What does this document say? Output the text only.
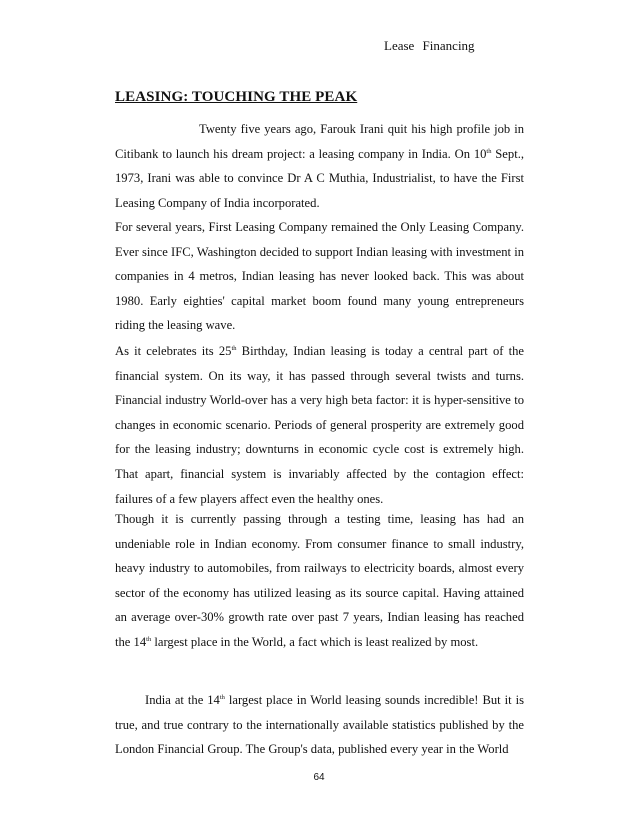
Lease Financing
LEASING: TOUCHING THE PEAK

Twenty five years ago, Farouk Irani quit his high profile job in Citibank to launch his dream project: a leasing company in India. On 10th Sept., 1973, Irani was able to convince Dr A C Muthia, Industrialist, to have the First Leasing Company of India incorporated.

For several years, First Leasing Company remained the Only Leasing Company. Ever since IFC, Washington decided to support Indian leasing with investment in companies in 4 metros, Indian leasing has never looked back. This was about 1980. Early eighties' capital market boom found many young entrepreneurs riding the leasing wave.

As it celebrates its 25th Birthday, Indian leasing is today a central part of the financial system. On its way, it has passed through several twists and turns. Financial industry World-over has a very high beta factor: it is hyper-sensitive to changes in economic scenario. Periods of general prosperity are extremely good for the leasing industry; downturns in economic cycle cost is extremely high. That apart, financial system is invariably affected by the contagion effect: failures of a few players affect even the healthy ones.

Though it is currently passing through a testing time, leasing has had an undeniable role in Indian economy. From consumer finance to small industry, heavy industry to automobiles, from railways to electricity boards, almost every sector of the economy has utilized leasing as its source capital. Having attained an average over-30% growth rate over past 7 years, Indian leasing has reached the 14th largest place in the World, a fact which is least realized by most.

India at the 14th largest place in World leasing sounds incredible! But it is true, and true contrary to the internationally available statistics published by the London Financial Group. The Group's data, published every year in the World

64
